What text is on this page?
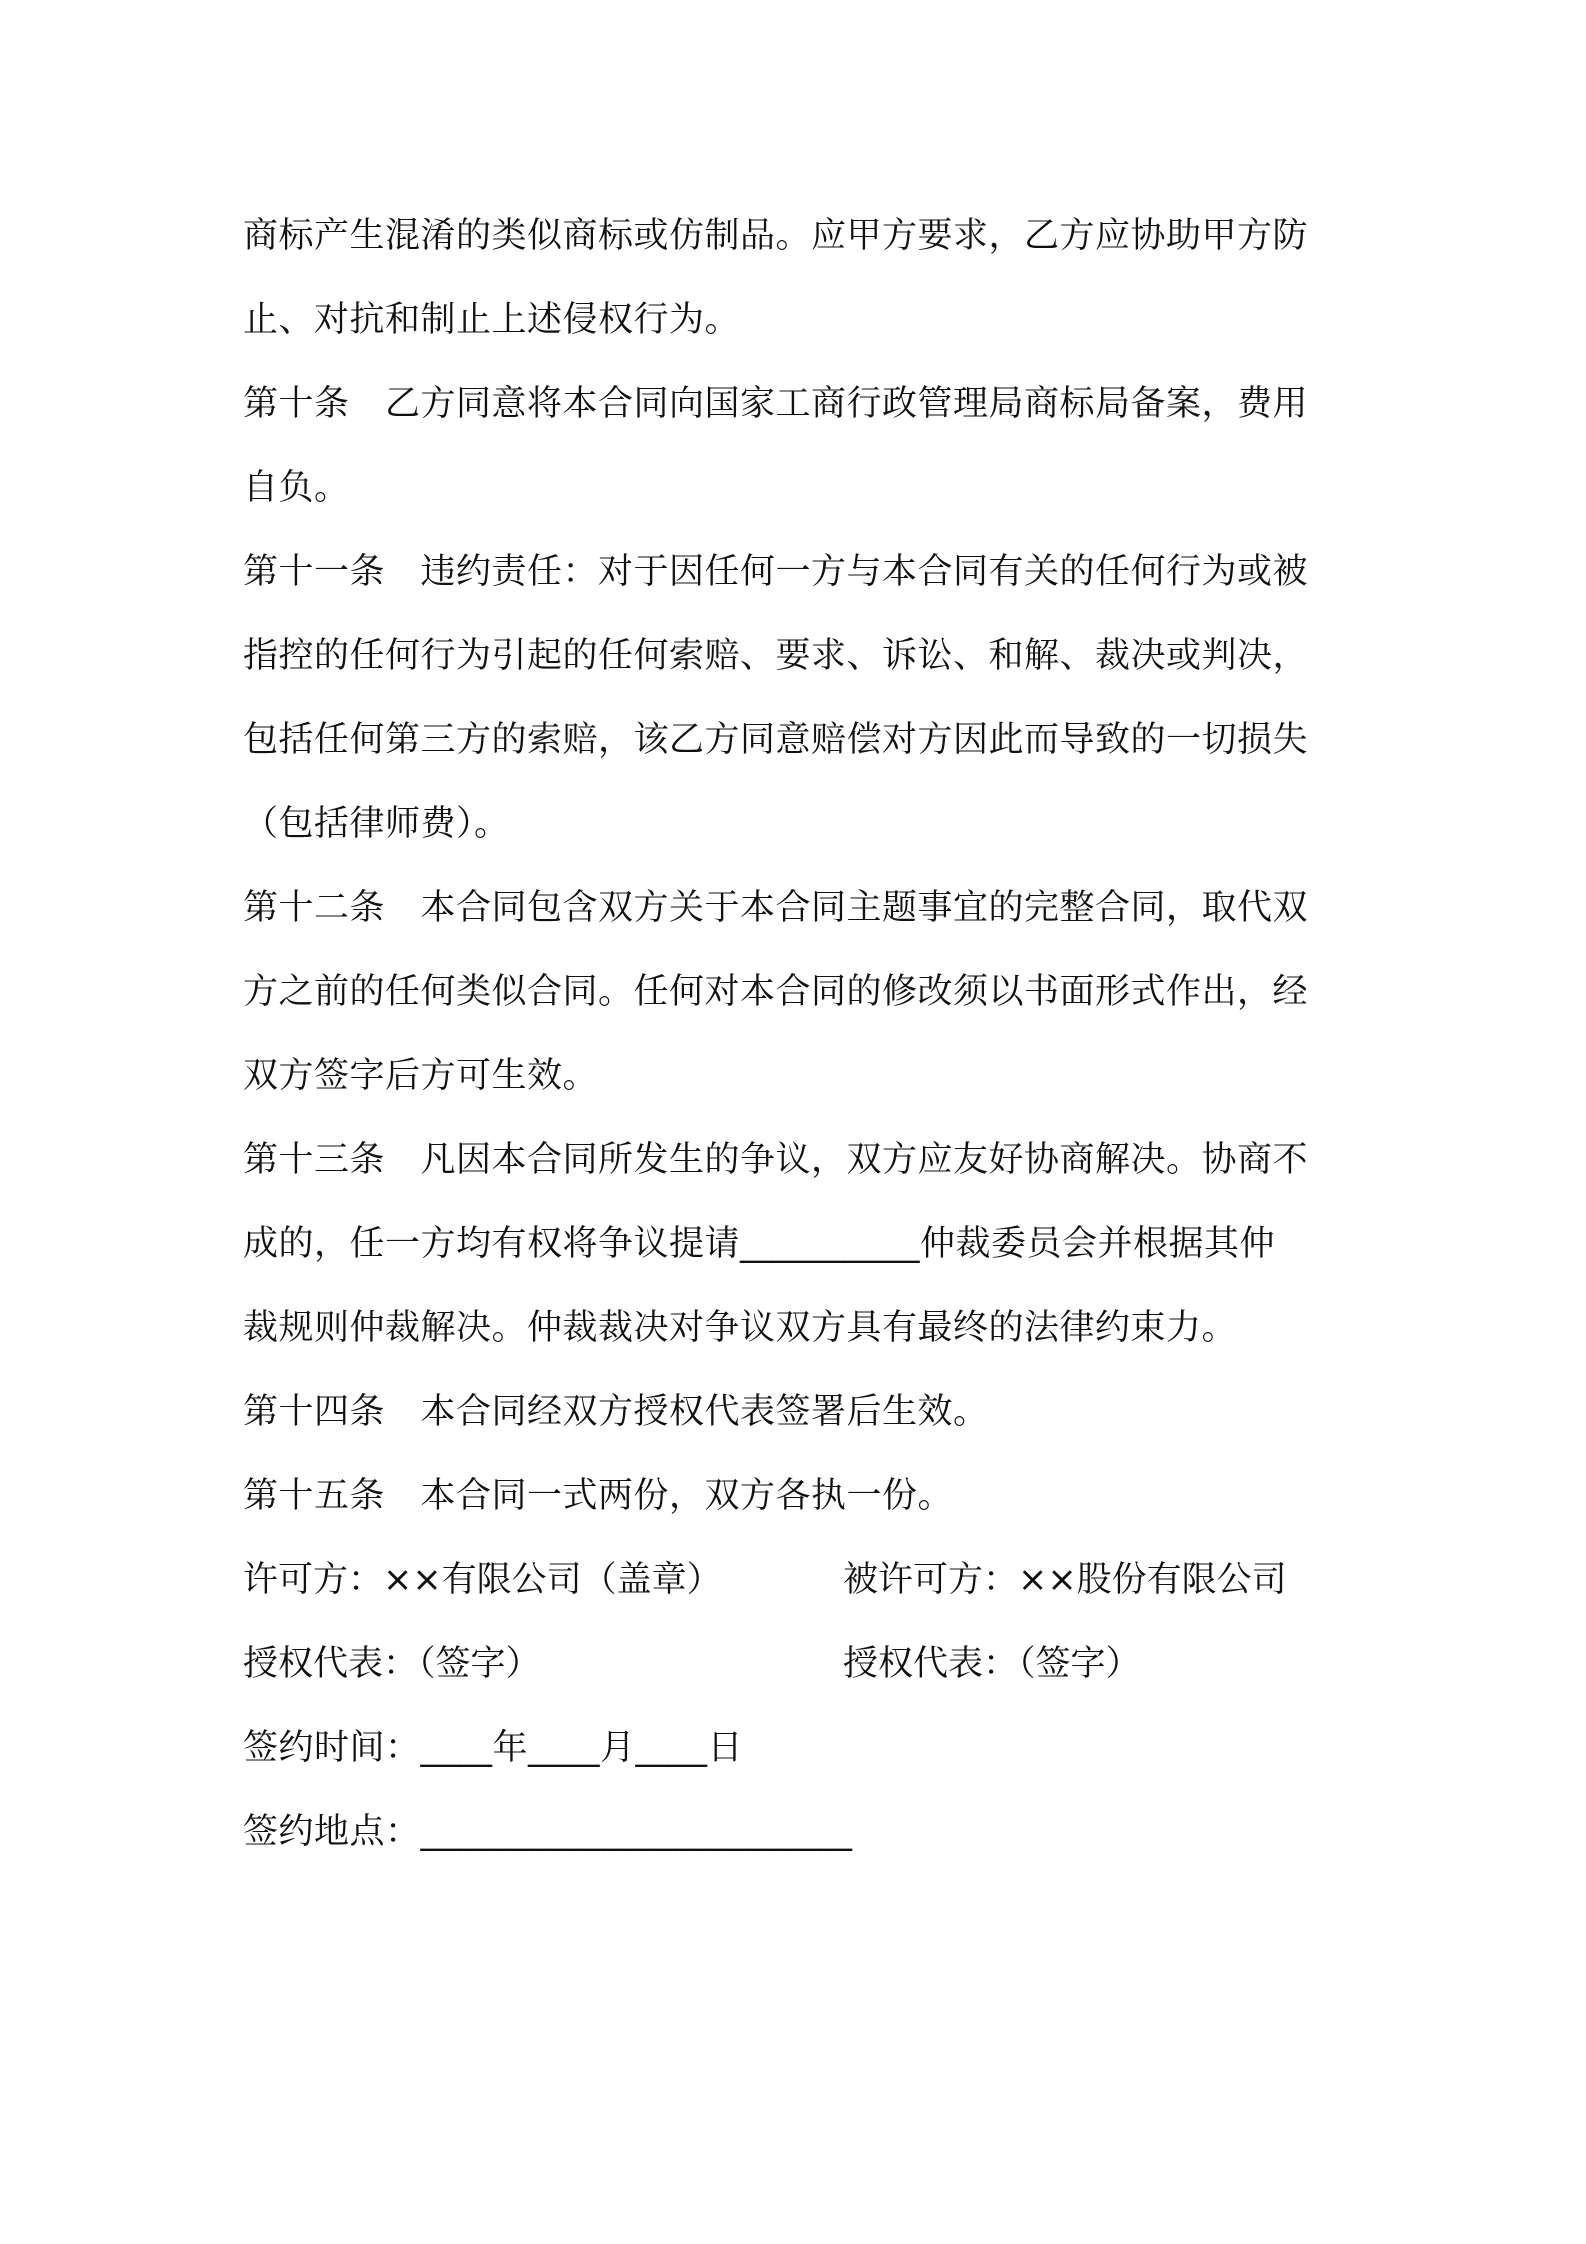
商标产生混淆的类似商标或仿制品。应甲方要求，乙方应协助甲方防
止、对抗和制止上述侵权行为。
第十条　乙方同意将本合同向国家工商行政管理局商标局备案，费用
自负。
第十一条　违约责任：对于因任何一方与本合同有关的任何行为或被
指控的任何行为引起的任何索赔、要求、诉讼、和解、裁决或判决，
包括任何第三方的索赔，该乙方同意赔偿对方因此而导致的一切损失
（包括律师费）。
第十二条　本合同包含双方关于本合同主题事宜的完整合同，取代双
方之前的任何类似合同。任何对本合同的修改须以书面形式作出，经
双方签字后方可生效。
第十三条　凡因本合同所发生的争议，双方应友好协商解决。协商不
成的，任一方均有权将争议提请__________仲裁委员会并根据其仲
裁规则仲裁解决。仲裁裁决对争议双方具有最终的法律约束力。
第十四条　本合同经双方授权代表签署后生效。
第十五条　本合同一式两份，双方各执一份。
许可方：××有限公司（盖章）	被许可方：××股份有限公司
授权代表：（签字）	授权代表：（签字）
签约时间：____年____月____日
签约地点：________________________
